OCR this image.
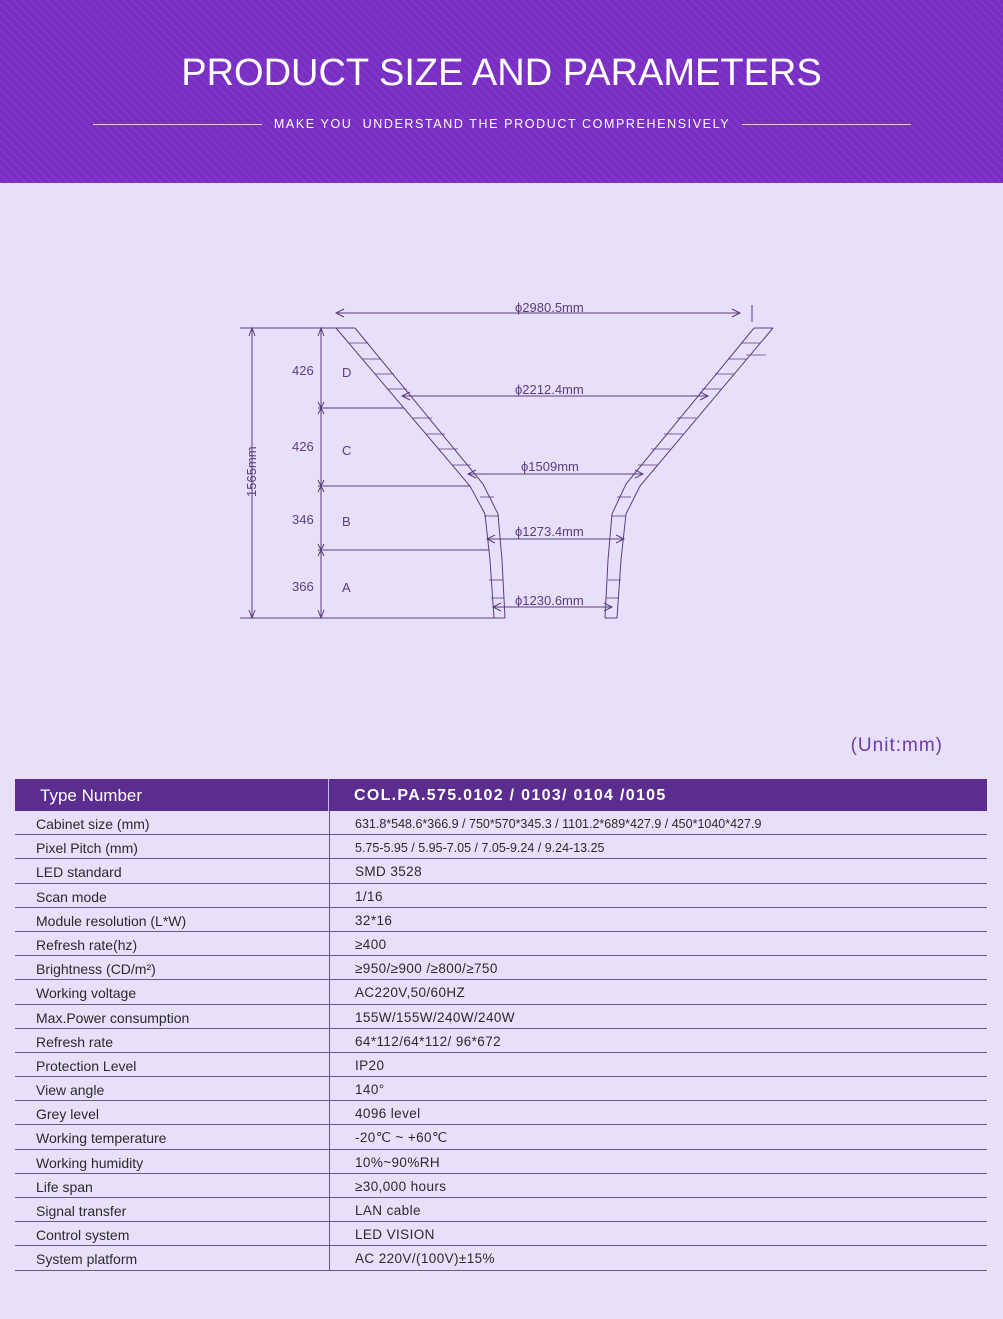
PRODUCT SIZE AND PARAMETERS
MAKE YOU  UNDERSTAND THE PRODUCT COMPREHENSIVELY
ϕ2980.5mm
ϕ2212.4mm
ϕ1509mm
ϕ1273.4mm
ϕ1230.6mm
426 D
426 C
346 B
366 A
1565mm
(Unit:mm)
Type Number	COL.PA.575.0102 / 0103/ 0104 /0105
Cabinet size (mm)	631.8*548.6*366.9 / 750*570*345.3 / 1101.2*689*427.9 / 450*1040*427.9
Pixel Pitch (mm)	5.75-5.95 / 5.95-7.05 / 7.05-9.24 / 9.24-13.25
LED standard	SMD 3528
Scan mode	1/16
Module resolution (L*W)	32*16
Refresh rate(hz)	≥400
Brightness (CD/m²)	≥950/≥900 /≥800/≥750
Working voltage	AC220V,50/60HZ
Max.Power consumption	155W/155W/240W/240W
Refresh rate	64*112/64*112/ 96*672
Protection Level	IP20
View angle	140°
Grey level	4096 level
Working temperature	-20℃ ~ +60℃
Working humidity	10%~90%RH
Life span	≥30,000 hours
Signal transfer	LAN cable
Control system	LED VISION
System platform	AC 220V/(100V)±15%
